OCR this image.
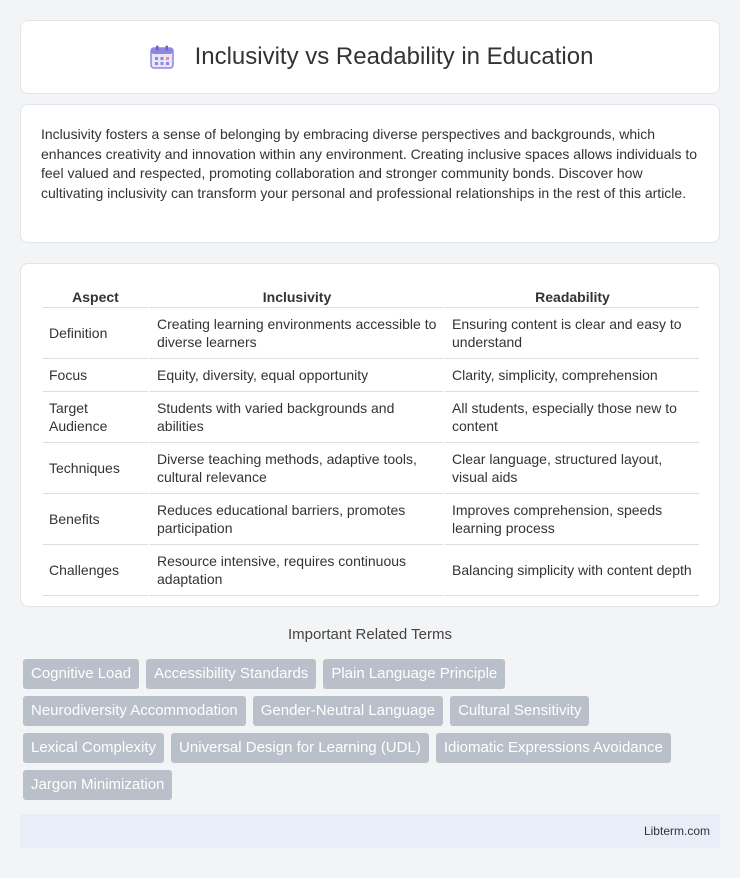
Inclusivity vs Readability in Education

Inclusivity fosters a sense of belonging by embracing diverse perspectives and backgrounds, which enhances creativity and innovation within any environment. Creating inclusive spaces allows individuals to feel valued and respected, promoting collaboration and stronger community bonds. Discover how cultivating inclusivity can transform your personal and professional relationships in the rest of this article.

Aspect	Inclusivity	Readability
Definition	Creating learning environments accessible to diverse learners	Ensuring content is clear and easy to understand
Focus	Equity, diversity, equal opportunity	Clarity, simplicity, comprehension
Target Audience	Students with varied backgrounds and abilities	All students, especially those new to content
Techniques	Diverse teaching methods, adaptive tools, cultural relevance	Clear language, structured layout, visual aids
Benefits	Reduces educational barriers, promotes participation	Improves comprehension, speeds learning process
Challenges	Resource intensive, requires continuous adaptation	Balancing simplicity with content depth
Important Related Terms
Cognitive Load	Accessibility Standards	Plain Language Principle
Neurodiversity Accommodation	Gender-Neutral Language	Cultural Sensitivity
Lexical Complexity	Universal Design for Learning (UDL)	Idiomatic Expressions Avoidance
Jargon Minimization
Libterm.com
